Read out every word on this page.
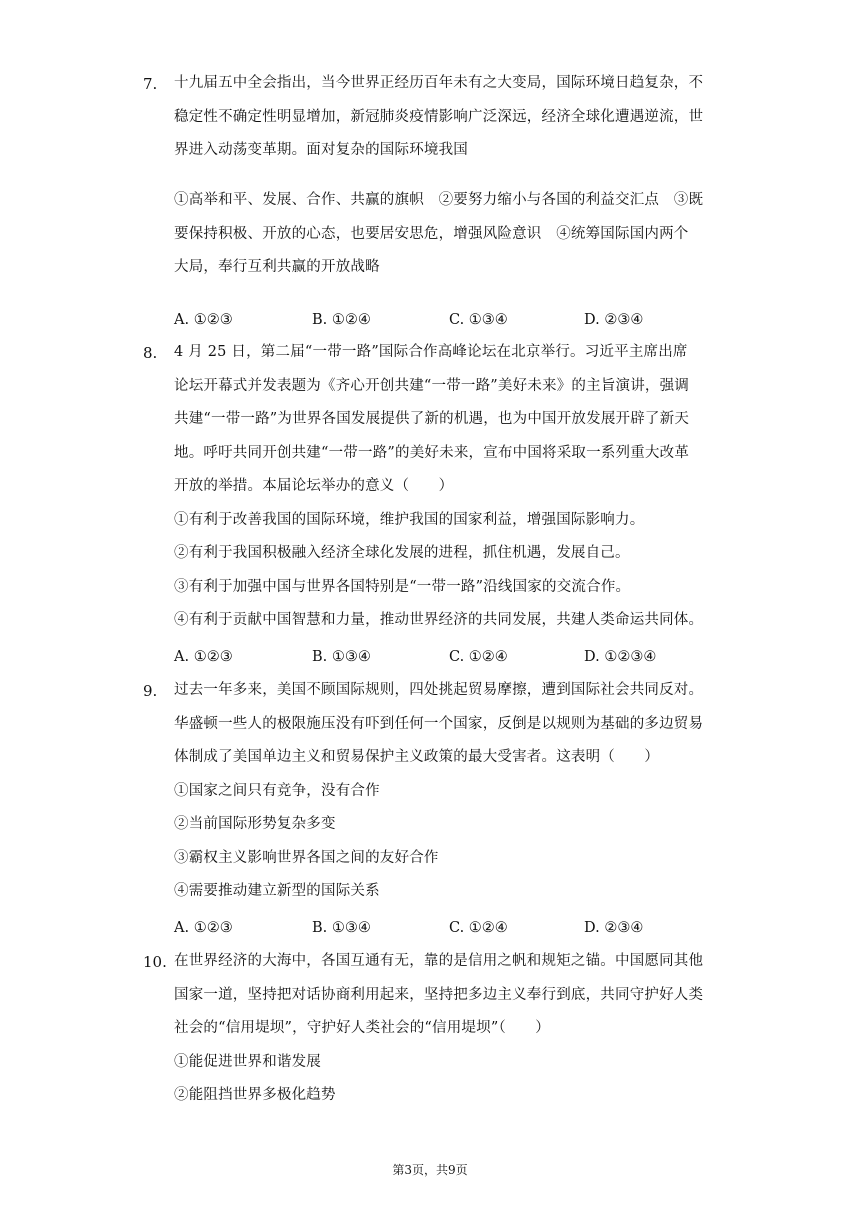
7.	十九届五中全会指出，当今世界正经历百年未有之大变局，国际环境日趋复杂，不
稳定性不确定性明显增加，新冠肺炎疫情影响广泛深远，经济全球化遭遇逆流，世
界进入动荡变革期。面对复杂的国际环境我国
①高举和平、发展、合作、共赢的旗帜　②要努力缩小与各国的利益交汇点　③既
要保持积极、开放的心态，也要居安思危，增强风险意识　④统筹国际国内两个
大局，奉行互利共赢的开放战略
A. ①②③	B. ①②④	C. ①③④	D. ②③④
8.	4 月 25 日，第二届“一带一路”国际合作高峰论坛在北京举行。习近平主席出席
论坛开幕式并发表题为《齐心开创共建“一带一路”美好未来》的主旨演讲，强调
共建“一带一路”为世界各国发展提供了新的机遇，也为中国开放发展开辟了新天
地。呼吁共同开创共建“一带一路”的美好未来，宣布中国将采取一系列重大改革
开放的举措。本届论坛举办的意义（　　）
①有利于改善我国的国际环境，维护我国的国家利益，增强国际影响力。
②有利于我国积极融入经济全球化发展的进程，抓住机遇，发展自己。
③有利于加强中国与世界各国特别是“一带一路”沿线国家的交流合作。
④有利于贡献中国智慧和力量，推动世界经济的共同发展，共建人类命运共同体。
A. ①②③	B. ①③④	C. ①②④	D. ①②③④
9.	过去一年多来，美国不顾国际规则，四处挑起贸易摩擦，遭到国际社会共同反对。
华盛顿一些人的极限施压没有吓到任何一个国家，反倒是以规则为基础的多边贸易
体制成了美国单边主义和贸易保护主义政策的最大受害者。这表明（　　）
①国家之间只有竞争，没有合作
②当前国际形势复杂多变
③霸权主义影响世界各国之间的友好合作
④需要推动建立新型的国际关系
A. ①②③	B. ①③④	C. ①②④	D. ②③④
10. 在世界经济的大海中，各国互通有无，靠的是信用之帆和规矩之锚。中国愿同其他
国家一道，坚持把对话协商利用起来，坚持把多边主义奉行到底，共同守护好人类
社会的“信用堤坝”，守护好人类社会的“信用堤坝”（　　）
①能促进世界和谐发展
②能阻挡世界多极化趋势
第3页，共9页
